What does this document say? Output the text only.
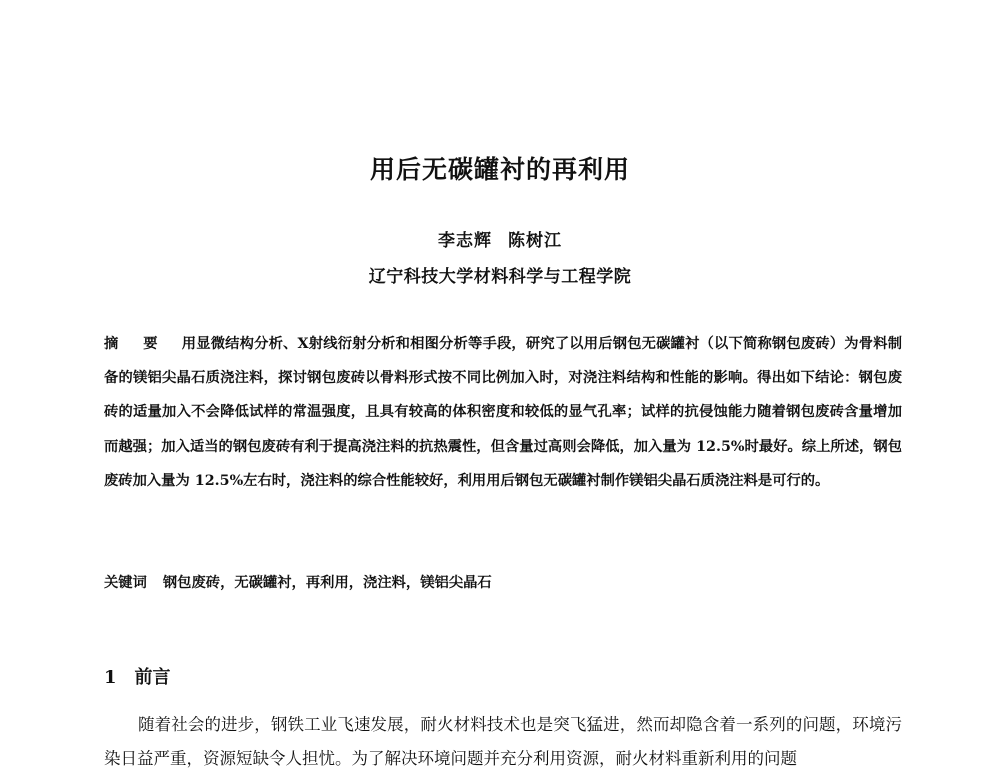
用后无碳罐衬的再利用
李志辉 陈树江
辽宁科技大学材料科学与工程学院

摘 要 用显微结构分析、X射线衍射分析和相图分析等手段，研究了以用后钢包无碳罐衬（以下简称钢包废砖）为骨料制备的镁铝尖晶石质浇注料，探讨钢包废砖以骨料形式按不同比例加入时，对浇注料结构和性能的影响。得出如下结论：钢包废砖的适量加入不会降低试样的常温强度，且具有较高的体积密度和较低的显气孔率；试样的抗侵蚀能力随着钢包废砖含量增加而越强；加入适当的钢包废砖有利于提高浇注料的抗热震性，但含量过高则会降低，加入量为 12.5%时最好。综上所述，钢包废砖加入量为 12.5%左右时，浇注料的综合性能较好，利用用后钢包无碳罐衬制作镁铝尖晶石质浇注料是可行的。

关键词 钢包废砖，无碳罐衬，再利用，浇注料，镁铝尖晶石

1 前言

随着社会的进步，钢铁工业飞速发展，耐火材料技术也是突飞猛进，然而却隐含着一系列的问题，环境污染日益严重，资源短缺令人担忧。为了解决环境问题并充分利用资源，耐火材料重新利用的问题
